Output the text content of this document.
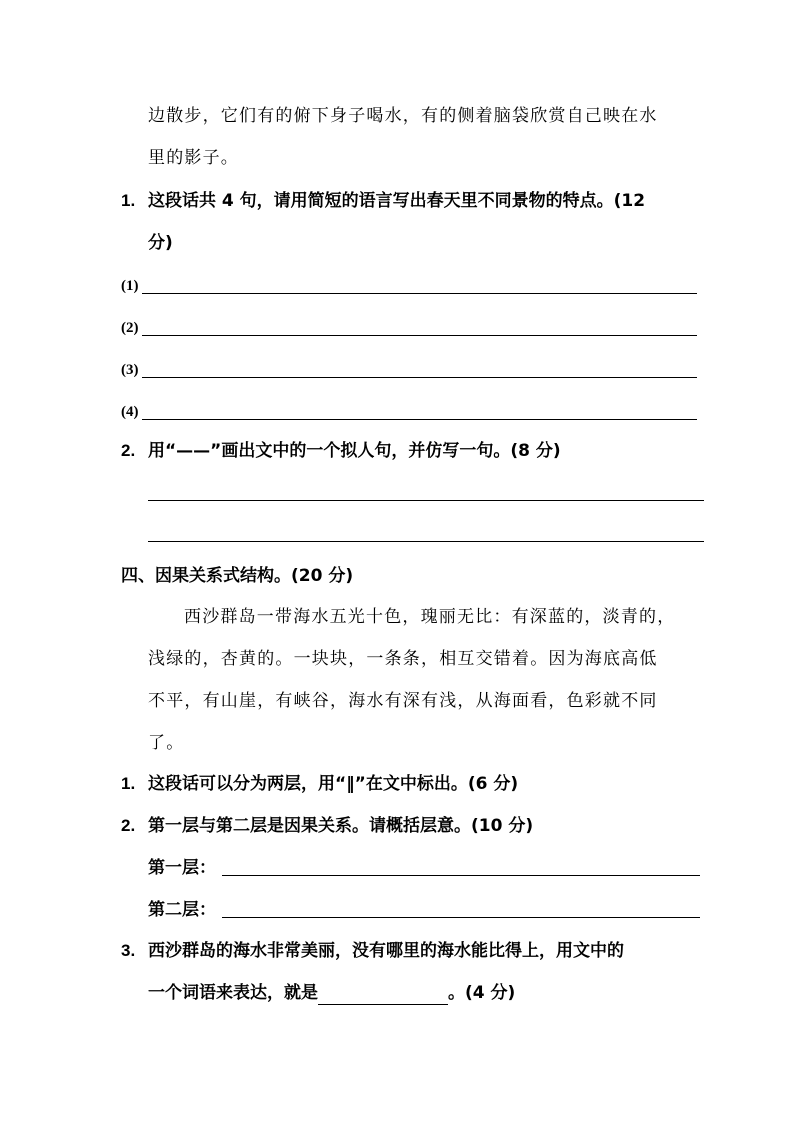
边散步，它们有的俯下身子喝水，有的侧着脑袋欣赏自己映在水
里的影子。
1. 这段话共 4 句，请用简短的语言写出春天里不同景物的特点。(12
分)
(1)
(2)
(3)
(4)
2. 用“——”画出文中的一个拟人句，并仿写一句。(8 分)
四、因果关系式结构。(20 分)
西沙群岛一带海水五光十色，瑰丽无比：有深蓝的，淡青的，
浅绿的，杏黄的。一块块，一条条，相互交错着。因为海底高低
不平，有山崖，有峡谷，海水有深有浅，从海面看，色彩就不同
了。
1. 这段话可以分为两层，用“‖”在文中标出。(6 分)
2. 第一层与第二层是因果关系。请概括层意。(10 分)
第一层：
第二层：
3. 西沙群岛的海水非常美丽，没有哪里的海水能比得上，用文中的
一个词语来表达，就是	。(4 分)
